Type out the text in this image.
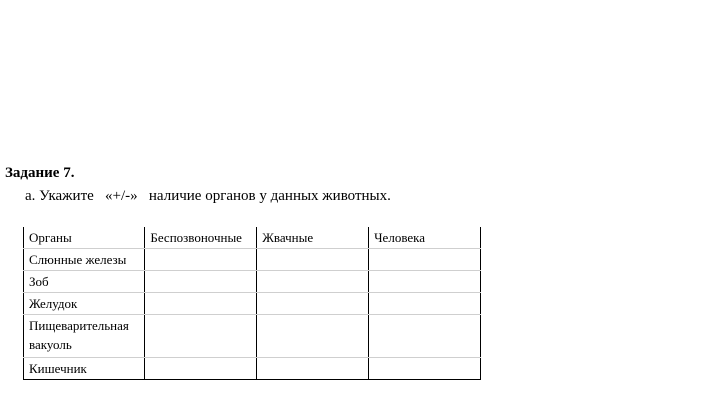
Задание 7.
а. Укажите   «+/-»   наличие органов у данных животных.
Органы	Беспозвоночные	Жвачные	Человека
Слюнные железы			
Зоб			
Желудок			
Пищеварительная вакуоль			
Кишечник			
